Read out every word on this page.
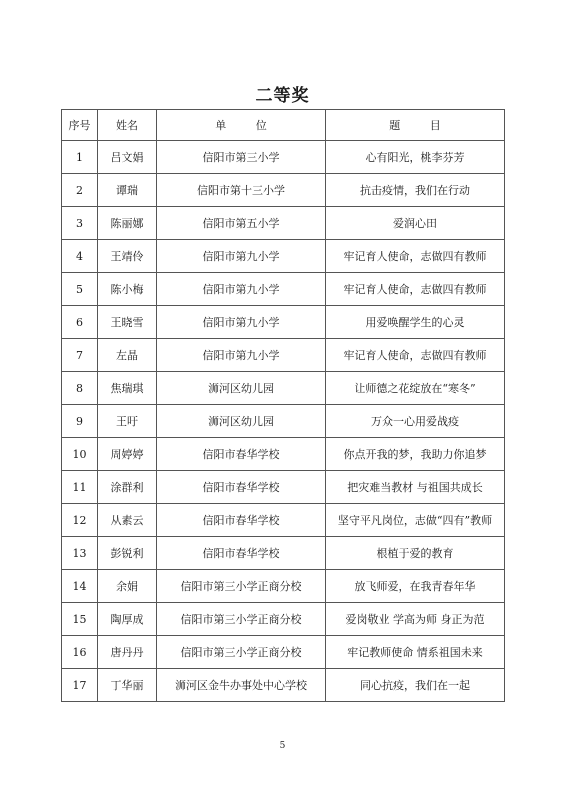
二等奖
序号	姓名	单 位	题 目
1	吕文娟	信阳市第三小学	心有阳光，桃李芬芳
2	谭瑞	信阳市第十三小学	抗击疫情，我们在行动
3	陈丽娜	信阳市第五小学	爱润心田
4	王靖伶	信阳市第九小学	牢记育人使命，志做四有教师
5	陈小梅	信阳市第九小学	牢记育人使命，志做四有教师
6	王晓雪	信阳市第九小学	用爱唤醒学生的心灵
7	左晶	信阳市第九小学	牢记育人使命，志做四有教师
8	焦瑞琪	浉河区幼儿园	让师德之花绽放在“寒冬”
9	王吁	浉河区幼儿园	万众一心用爱战疫
10	周婷婷	信阳市春华学校	你点开我的梦，我助力你追梦
11	涂群利	信阳市春华学校	把灾难当教材 与祖国共成长
12	从素云	信阳市春华学校	坚守平凡岗位，志做“四有”教师
13	彭锐利	信阳市春华学校	根植于爱的教育
14	余娟	信阳市第三小学正商分校	放飞师爱，在我青春年华
15	陶厚成	信阳市第三小学正商分校	爱岗敬业 学高为师 身正为范
16	唐丹丹	信阳市第三小学正商分校	牢记教师使命 情系祖国未来
17	丁华丽	浉河区金牛办事处中心学校	同心抗疫，我们在一起
5
